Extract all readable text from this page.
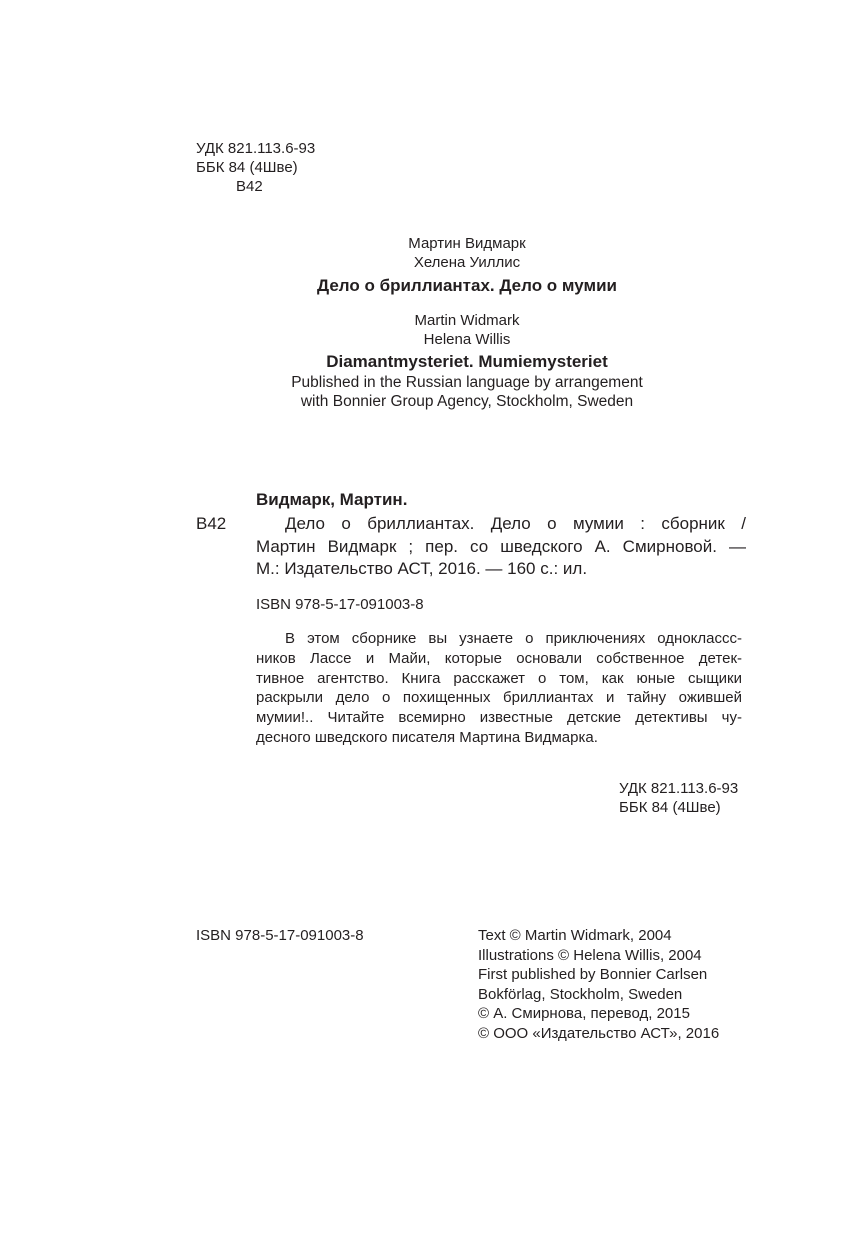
УДК 821.113.6-93
ББК 84 (4Шве)
В42
Мартин Видмарк
Хелена Уиллис
Дело о бриллиантах. Дело о мумии
Martin Widmark
Helena Willis
Diamantmysteriet. Mumiemysteriet
Published in the Russian language by arrangement
with Bonnier Group Agency, Stockholm, Sweden
Видмарк, Мартин.
В42	Дело о бриллиантах. Дело о мумии : сборник /
Мартин Видмарк ; пер. со шведского А. Смирновой. —
М.: Издательство АСТ, 2016. — 160 с.: ил.
ISBN 978-5-17-091003-8
В этом сборнике вы узнаете о приключениях одноклассс-
ников Лассе и Майи, которые основали собственное детек-
тивное агентство. Книга расскажет о том, как юные сыщики
раскрыли дело о похищенных бриллиантах и тайну ожившей
мумии!.. Читайте всемирно известные детские детективы чу-
десного шведского писателя Мартина Видмарка.
УДК 821.113.6-93
ББК 84 (4Шве)
ISBN 978-5-17-091003-8	Text © Martin Widmark, 2004
Illustrations © Helena Willis, 2004
First published by Bonnier Carlsen
Bokförlag, Stockholm, Sweden
© А. Смирнова, перевод, 2015
© ООО «Издательство АСТ», 2016
